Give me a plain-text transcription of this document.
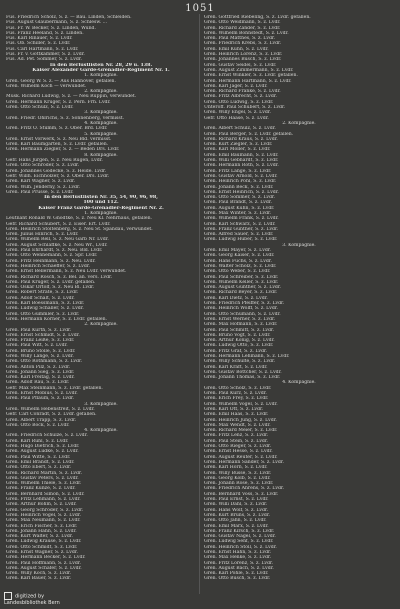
1051
Füs. Friedrich Scholz, S. z. — Bau. Linden, Schleiden.
Füs. August Glaubermann, S. z. Schlesw. ...
Füs. Fr. W. Becker, S. z. Linden, Wund.
Füs. Franz Heeland, S. z. Linden.
Füs. Karl Rinauer, S. z. Lvdr.
Füs. Ob. Schiller, S. z. Lvdr.
Füs. Carl Hartmann, S. z. Lvdr.
Füs. Fr. v. Göttkammer, S. z. Lvdr.
Füs. Ad. Pet. Sommer, S. z. Lvdr.
In den Berlustlisten Nr. 28, 29 u. 138.
Kaiser Alexander Garde-Grenadier-Regiment Nr. 1.
1. Kompagnie.
Gren. Georg W. S. z. — Aus Hannover, gefallen.
Gren. Wilhelm Koch — verwundet.
2. Kompagnie.
Musk. Richard Ludwig, S. z. — Neu Ruppin, verwundet.
Gren. Hermann Krüger, S. z. Pern. Frh. Lvdr.
Gren. Otto Schulz, S. z. Lvdr.
3. Kompagnie.
Gren. Friedr. Ohlrichs, S. z. Sonnenberg, vermisst.
4. Kompagnie.
Gren. Fritz O. Stumm, S. z. Ober. Brd. Lvdr.
5. Kompagnie.
Gren. Ernst Vorwerk, S. z. Neu Bld. vermisst.
Gren. Karl Baumgarten, S. z. Lvdr. gefallen.
Gren. Hermann Ziegler, S. z. — Beden Drs. Lvdr.
8. Kompagnie.
Gefr. Hans Jürgen, S. z. Neu Rügen, Lvdr.
Gren. Otto Schroder, S. z. Lvdr.
Gren. Johannes Gödecke, S. z. Heide. Lvdr.
Gefr. Willh. Eichholzer, S. z. Ober. Drs. Lvdr.
Gren. Karl Wagner, S. z. Lvdr.
Gren. Wilh. Jenderny, S. z. Lvdr.
Gren. Paul Prüsse, S. z. Lvdr.
In den Berlustlisten Nr. 35, 54, 90, 96, 98,
100 und 112.
Kaiser Franz Garde-Grenadier-Regiment Nr. 2.
1. Kompagnie.
Leutnant Ronald W. Gnodtke, S. z. Neu Kl. Nehrhaus, gefallen.
Gefr. Richard Schubert, S. z. Eiser. Ert. Lvdr.
Gren. Heinrich Stoltenberg, S. z. Neu St. Spandau, verwundet.
Gren. Julius Hinrich, S. z. Lvdr.
Gren. Wilhelm Rell, S. z. Neu Garb Nr. Lvdr.
Gren. August Schlaffke, S. z. Neu Wr., Lvdr.
Gren. Paul Ehrhardt, S. z. Neu. Bld. Lvdr.
Gren. Otto Wennemann, S. z. Spr. Lvdr.
Gren. Fritz Heinmann, S. z. Neu. Lvdr.
Gren. Heinrich Schaeffer, S. z. Lvdr.
Gren. Ernst Bellermann, S. z. Neu Lvdr. verwundet.
Gren. Richard Rosch, S. z. Bel. an. vers. Lvdr.
Gren. Paul Krüger, S. z. Lvdr. gefallen.
Gren. Oskar Ortolf, S. z. Neu Bl. Lvdr.
Gren. Robert Sträte, S. z. Lvdr.
Gren. Adolf Schalt, S. z. Lvdr.
Gren. Karl Boessmann, S. z. Lvdr.
Gren. Ludwig Schaller, S. z. Lvdr.
Gren. Otto Gummler, S. z. Lvdr.
Gren. Hermann Körner, S. z. Lvdr. gefallen.
2. Kompagnie.
Gren. Paul Kurth, S. z. Lvdr.
Gren. Ernst Schmidt, S. z. Lvdr.
Gren. Franz Leiße, S. z. Lvdr.
Gren. Paul Witt, S. z. Lvdr.
Gren. Bruno Stolle, S. z. Lvdr.
Gren. Willy Lange, S. z. Lvdr.
Gren. Otto Rothmann, S. z. Lvdr.
Gren. Anton Pilz, S. z. Lvdr.
Gren. Johann Sieg, S. z. Lvdr.
Gren. Karl Freitag, S. z. Lvdr.
Gren. Adolf Rau, S. z. Lvdr.
Gefr. Max Steinmann, S. z. Lvdr. gefallen.
Gren. Ernst Möbius, S. z. Lvdr.
Gren. Paul Pflaum, S. z. Lvdr.
3. Kompagnie.
Gren. Wilhelm Hebenstreit, S. z. Lvdr.
Gefr. Carl Conradt, S. z. Lvdr. gefallen.
Gren. Albert Trapp, S. z. Lvdr.
Gren. Otto Bock, S. z. Lvdr.
4. Kompagnie.
Gren. Friedrich Schulze, S. z. Lvdr.
Gren. Karl Rühl, S. z. Lvdr.
Gren. Hugo Dietrich, S. z. Lvdr.
Gren. August Lüdke, S. z. Lvdr.
Gren. Paul Witte, S. z. Lvdr.
Gren. Emil Brandt, S. z. Lvdr.
Gren. Otto Ebert, S. z. Lvdr.
Gren. Richard Martin, S. z. Lvdr.
Gren. Gustav Peters, S. z. Lvdr.
Gren. Wilhelm Thiele, S. z. Lvdr.
Gren. Franz Kunze, S. z. Lvdr.
Gren. Bernhard Simon, S. z. Lvdr.
Gren. Fritz Lehmann, S. z. Lvdr.
Gren. Arthur Böhm, S. z. Lvdr.
Gren. Georg Schröder, S. z. Lvdr.
Gren. Heinrich Vogel, S. z. Lvdr.
Gren. Max Neumann, S. z. Lvdr.
Gren. Erich Fischer, S. z. Lvdr.
Gren. Johann Hahn, S. z. Lvdr.
Gren. Kurt Walter, S. z. Lvdr.
Gren. Ludwig Krause, S. z. Lvdr.
Gren. Otto Schmidt, S. z. Lvdr.
Gren. Ernst Wagner, S. z. Lvdr.
Gren. Hermann Becker, S. z. Lvdr.
Gren. Paul Hoffmann, S. z. Lvdr.
Gren. August Schäfer, S. z. Lvdr.
Gren. Willy Koch, S. z. Lvdr.
Gren. Karl Bauer, S. z. Lvdr.
Gren. Gottfried Riebeling, S. z. Lvdr. gefallen.
Gren. Otto Weidmann, S. z. Lvdr.
Gren. Richard Zander, S. z. Lvdr.
Gren. Wilhelm Bohnstedt, S. z. Lvdr.
Gren. Paul Matthes, S. z. Lvdr.
Gren. Friedrich Krebs, S. z. Lvdr.
Gren. Emil Kuhn, S. z. Lvdr.
Gren. Heinrich Lorenz, S. z. Lvdr.
Gren. Johannes Busch, S. z. Lvdr.
Gren. Gustav Seidel, S. z. Lvdr.
Gren. August Zimmermann, S. z. Lvdr.
Gren. Ernst Winkler, S. z. Lvdr. gefallen.
Gren. Hermann Hartmann, S. z. Lvdr.
Gren. Karl Jäger, S. z. Lvdr.
Gren. Richard Franke, S. z. Lvdr.
Gren. Fritz Albrecht, S. z. Lvdr.
Gren. Otto Ludwig, S. z. Lvdr.
Unteroff. Paul Schubert, S. z. Lvdr.
Gren. Willy Engel, S. z. Lvdr.
Gefr. Otto Haase, S. z. Lvdr.
2. Kompagnie.
Gren. Albert Schulz, S. z. Lvdr.
Gren. Paul Berger, S. z. Lvdr. gefallen.
Gren. Richard Kraus, S. z. Lvdr.
Gren. Kurt Ziegler, S. z. Lvdr.
Gren. Karl Möller, S. z. Lvdr.
Gren. Emil Baumann, S. z. Lvdr.
Gren. Willi Gebhardt, S. z. Lvdr.
Gren. Hermann Roth, S. z. Lvdr.
Gren. Fritz Lange, S. z. Lvdr.
Gren. Gustav Arnold, S. z. Lvdr.
Gren. Heinrich Pohl, S. z. Lvdr.
Gren. Johann Beck, S. z. Lvdr.
Gren. Ernst Heinrich, S. z. Lvdr.
Gren. Otto Sommer, S. z. Lvdr.
Gren. Paul Brandt, S. z. Lvdr.
Gren. August Kühn, S. z. Lvdr.
Gren. Max Winter, S. z. Lvdr.
Gren. Wilhelm Frank, S. z. Lvdr.
Gren. Karl Schwarz, S. z. Lvdr.
Gren. Franz Günther, S. z. Lvdr.
Gren. Alfred Sauer, S. z. Lvdr.
Gren. Ludwig Huber, S. z. Lvdr.
3. Kompagnie.
Gren. Emil Mayer, S. z. Lvdr.
Gren. Georg Kaiser, S. z. Lvdr.
Gren. Hans Fuchs, S. z. Lvdr.
Gren. Walter Scholz, S. z. Lvdr.
Gren. Otto Weber, S. z. Lvdr.
Gren. Paul Schreiber, S. z. Lvdr.
Gren. Wilhelm Keller, S. z. Lvdr.
Gren. August Günther, S. z. Lvdr.
Gren. Richard Beyer, S. z. Lvdr.
Gren. Karl Dietz, S. z. Lvdr.
Gren. Friedrich Pfeiffer, S. z. Lvdr.
Gren. Heinrich Wolff, S. z. Lvdr.
Gren. Otto Schumann, S. z. Lvdr.
Gren. Ernst Werner, S. z. Lvdr.
Gren. Max Hofmann, S. z. Lvdr.
Gren. Paul Schmitt, S. z. Lvdr.
Gren. Bruno Vogt, S. z. Lvdr.
Gren. Arthur König, S. z. Lvdr.
Gren. Ludwig Otto, S. z. Lvdr.
Gren. Fritz Graf, S. z. Lvdr.
Gren. Hermann Lehmann, S. z. Lvdr.
Gren. Willy Schulte, S. z. Lvdr.
Gren. Karl Kraft, S. z. Lvdr.
Gren. Gustav Böttcher, S. z. Lvdr.
Gren. Johann Thomas, S. z. Lvdr.
4. Kompagnie.
Gren. Otto Scholz, S. z. Lvdr.
Gren. Paul Kurz, S. z. Lvdr.
Gren. Erich Frey, S. z. Lvdr.
Gren. Wilhelm Vogel, S. z. Lvdr.
Gren. Karl Ott, S. z. Lvdr.
Gren. Emil Haas, S. z. Lvdr.
Gren. Heinrich Jung, S. z. Lvdr.
Gren. Max Wendt, S. z. Lvdr.
Gren. Richard Meier, S. z. Lvdr.
Gren. Fritz Lenz, S. z. Lvdr.
Gren. Paul Stein, S. z. Lvdr.
Gren. Otto Rieger, S. z. Lvdr.
Gren. Ernst Hesse, S. z. Lvdr.
Gren. August Reuter, S. z. Lvdr.
Gren. Hermann Sander, S. z. Lvdr.
Gren. Karl Horn, S. z. Lvdr.
Gren. Willy Busse, S. z. Lvdr.
Gren. Georg Kolb, S. z. Lvdr.
Gren. Johann Rose, S. z. Lvdr.
Gren. Friedrich Ahrens, S. z. Lvdr.
Gren. Bernhard Voss, S. z. Lvdr.
Gren. Paul Ernst, S. z. Lvdr.
Gren. Willi Dahl, S. z. Lvdr.
Gren. Hans Wolf, S. z. Lvdr.
Gren. Kurt Bruns, S. z. Lvdr.
Gren. Otto Jahn, S. z. Lvdr.
Gren. Emil Marx, S. z. Lvdr.
Gren. Franz Kirsch, S. z. Lvdr.
Gren. Gustav Nagel, S. z. Lvdr.
Gren. Ludwig Senf, S. z. Lvdr.
Gren. Heinrich Stoll, S. z. Lvdr.
Gren. Ernst Hahn, S. z. Lvdr.
Gren. Max Henke, S. z. Lvdr.
Gren. Fritz Lorenz, S. z. Lvdr.
Gren. August Bach, S. z. Lvdr.
Gren. Karl Pohle, S. z. Lvdr.
Gren. Otto Busch, S. z. Lvdr.
digitized by
Landesbibliothek Bern
